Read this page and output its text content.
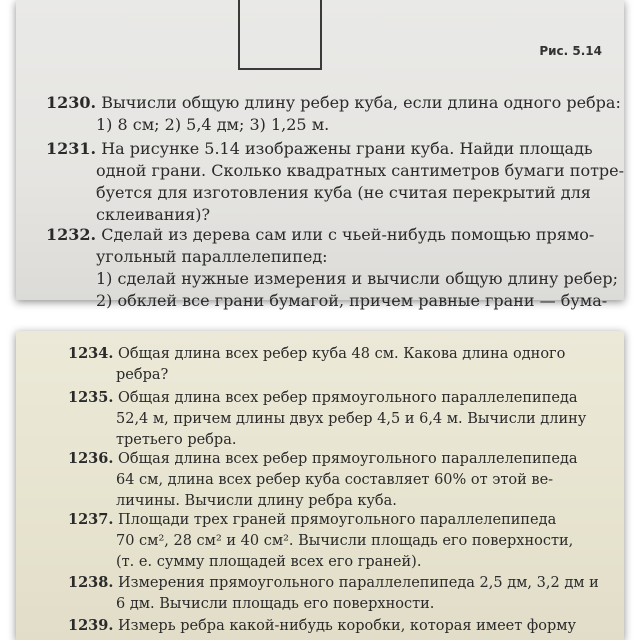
Рис. 5.14
1230. Вычисли общую длину ребер куба, если длина одного ребра:
1) 8 см; 2) 5,4 дм; 3) 1,25 м.
1231. На рисунке 5.14 изображены грани куба. Найди площадь
одной грани. Сколько квадратных сантиметров бумаги потре-
буется для изготовления куба (не считая перекрытий для
склеивания)?
1232. Сделай из дерева сам или с чьей-нибудь помощью прямо-
угольный параллелепипед:
1) сделай нужные измерения и вычисли общую длину ребер;
2) обклей все грани бумагой, причем равные грани — бума-
1234. Общая длина всех ребер куба 48 см. Какова длина одного
ребра?
1235. Общая длина всех ребер прямоугольного параллелепипеда
52,4 м, причем длины двух ребер 4,5 и 6,4 м. Вычисли длину
третьего ребра.
1236. Общая длина всех ребер прямоугольного параллелепипеда
64 см, длина всех ребер куба составляет 60% от этой ве-
личины. Вычисли длину ребра куба.
1237. Площади трех граней прямоугольного параллелепипеда
70 см², 28 см² и 40 см². Вычисли площадь его поверхности,
(т. е. сумму площадей всех его граней).
1238. Измерения прямоугольного параллелепипеда 2,5 дм, 3,2 дм и
6 дм. Вычисли площадь его поверхности.
1239. Измерь ребра какой-нибудь коробки, которая имеет форму
